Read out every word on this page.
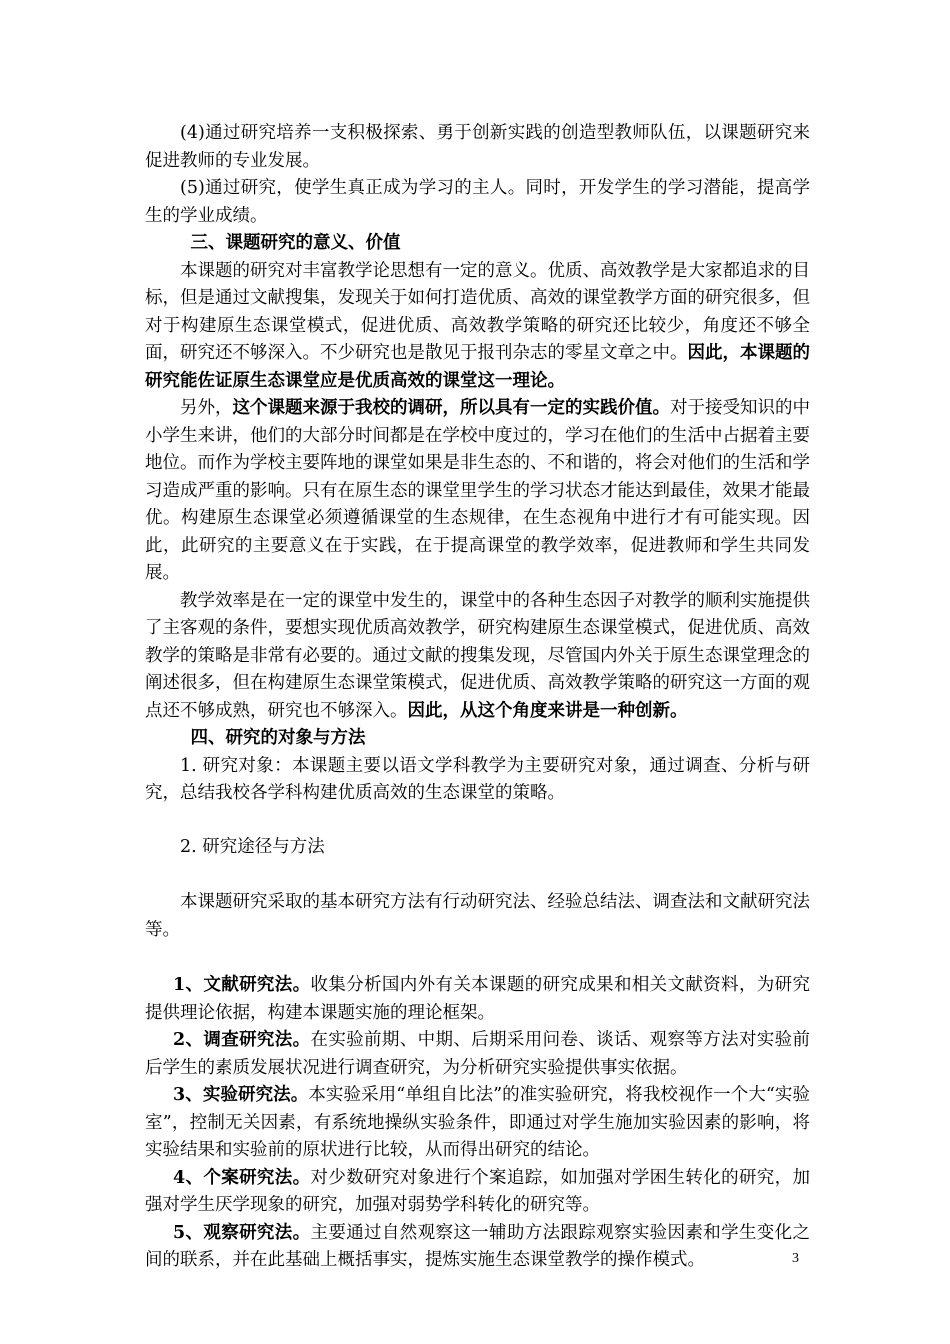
(4)通过研究培养一支积极探索、勇于创新实践的创造型教师队伍，以课题研究来促进教师的专业发展。

(5)通过研究，使学生真正成为学习的主人。同时，开发学生的学习潜能，提高学生的学业成绩。

三、课题研究的意义、价值

本课题的研究对丰富教学论思想有一定的意义。优质、高效教学是大家都追求的目标，但是通过文献搜集，发现关于如何打造优质、高效的课堂教学方面的研究很多，但对于构建原生态课堂模式，促进优质、高效教学策略的研究还比较少，角度还不够全面，研究还不够深入。不少研究也是散见于报刊杂志的零星文章之中。因此，本课题的研究能佐证原生态课堂应是优质高效的课堂这一理论。

另外，这个课题来源于我校的调研，所以具有一定的实践价值。对于接受知识的中小学生来讲，他们的大部分时间都是在学校中度过的，学习在他们的生活中占据着主要地位。而作为学校主要阵地的课堂如果是非生态的、不和谐的，将会对他们的生活和学习造成严重的影响。只有在原生态的课堂里学生的学习状态才能达到最佳，效果才能最优。构建原生态课堂必须遵循课堂的生态规律，在生态视角中进行才有可能实现。因此，此研究的主要意义在于实践，在于提高课堂的教学效率，促进教师和学生共同发展。

教学效率是在一定的课堂中发生的，课堂中的各种生态因子对教学的顺利实施提供了主客观的条件，要想实现优质高效教学，研究构建原生态课堂模式，促进优质、高效教学的策略是非常有必要的。通过文献的搜集发现，尽管国内外关于原生态课堂理念的阐述很多，但在构建原生态课堂策模式，促进优质、高效教学策略的研究这一方面的观点还不够成熟，研究也不够深入。因此，从这个角度来讲是一种创新。

四、研究的对象与方法

1. 研究对象：本课题主要以语文学科教学为主要研究对象，通过调查、分析与研究，总结我校各学科构建优质高效的生态课堂的策略。

2. 研究途径与方法

本课题研究采取的基本研究方法有行动研究法、经验总结法、调查法和文献研究法等。

1、文献研究法。收集分析国内外有关本课题的研究成果和相关文献资料，为研究提供理论依据，构建本课题实施的理论框架。

2、调查研究法。在实验前期、中期、后期采用问卷、谈话、观察等方法对实验前后学生的素质发展状况进行调查研究，为分析研究实验提供事实依据。

3、实验研究法。本实验采用“单组自比法”的准实验研究，将我校视作一个大“实验室”，控制无关因素，有系统地操纵实验条件，即通过对学生施加实验因素的影响，将实验结果和实验前的原状进行比较，从而得出研究的结论。

4、个案研究法。对少数研究对象进行个案追踪，如加强对学困生转化的研究，加强对学生厌学现象的研究，加强对弱势学科转化的研究等。

5、观察研究法。主要通过自然观察这一辅助方法跟踪观察实验因素和学生变化之间的联系，并在此基础上概括事实，提炼实施生态课堂教学的操作模式。	3
